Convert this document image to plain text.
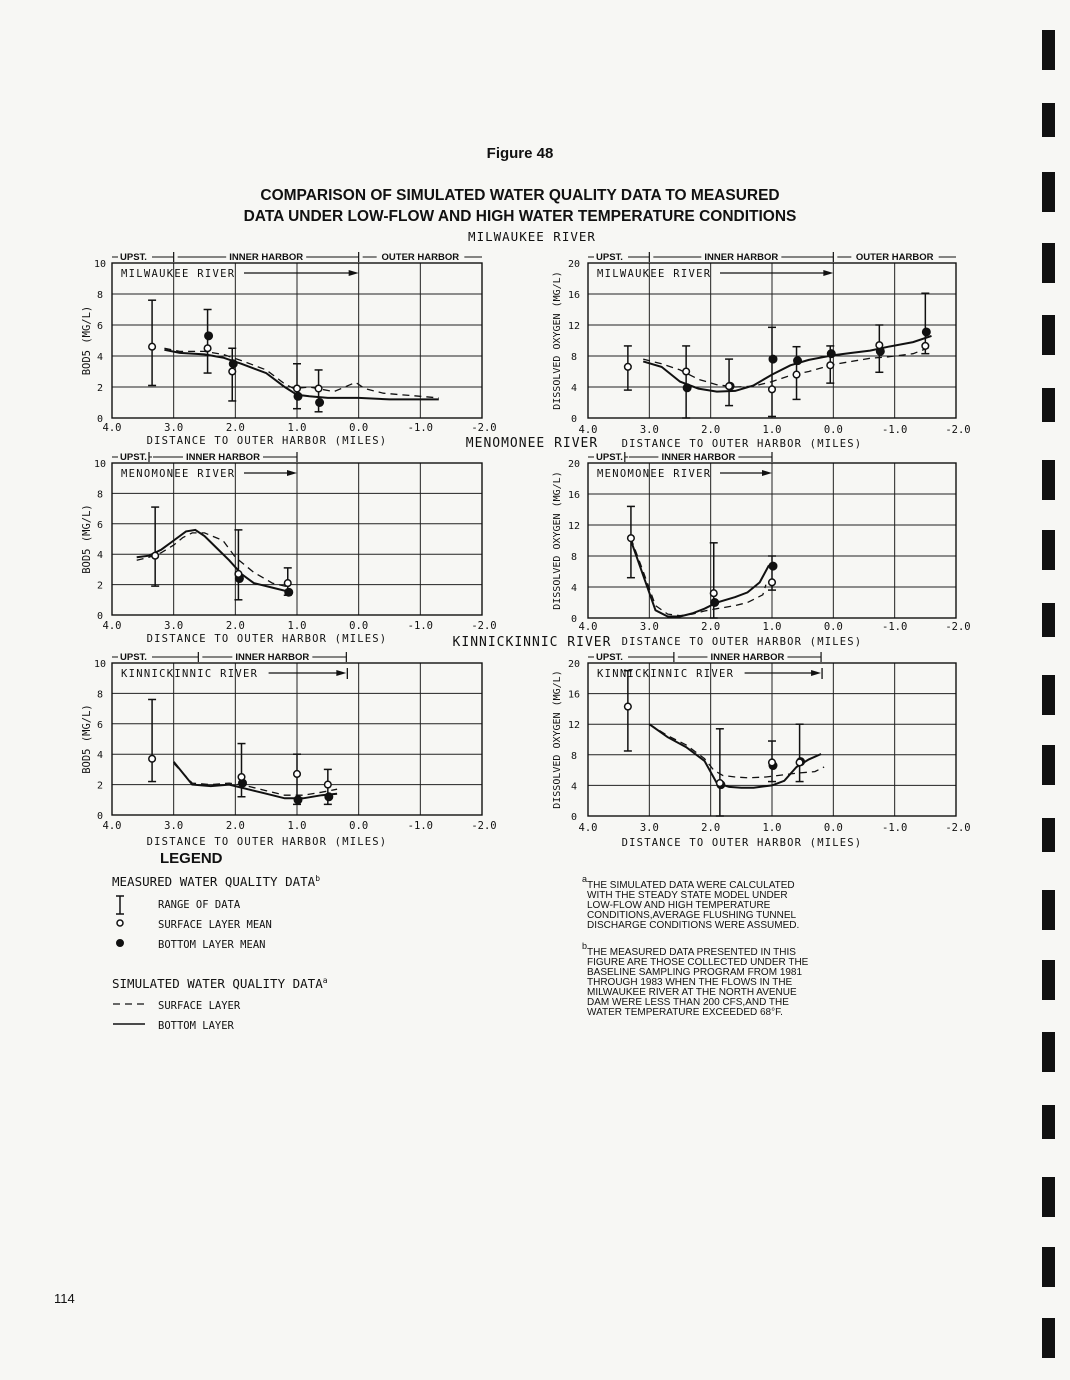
Figure 48
COMPARISON OF SIMULATED WATER QUALITY DATA TO MEASURED
DATA UNDER LOW-FLOW AND HIGH WATER TEMPERATURE CONDITIONS
MILWAUKEE RIVER
MENOMONEE RIVER
KINNICKINNIC RIVER
0
2
4
6
8
10
4.0	3.0	2.0	1.0	0.0	-1.0	-2.0
DISTANCE TO OUTER HARBOR (MILES)
BOD5 (MG/L)
MILWAUKEE RIVER
UPST.	INNER HARBOR	OUTER HARBOR
0
4
8
12
16
20
4.0	3.0	2.0	1.0	0.0	-1.0	-2.0
DISTANCE TO OUTER HARBOR (MILES)
DISSOLVED OXYGEN (MG/L)	MILWAUKEE RIVER
UPST.	INNER HARBOR	OUTER HARBOR
0
2
4
6
8
10
4.0	3.0	2.0	1.0	0.0	-1.0	-2.0
DISTANCE TO OUTER HARBOR (MILES)
BOD5 (MG/L)
MENOMONEE RIVER
UPST.	INNER HARBOR
0
4
8
12
16
20
4.0	3.0	2.0	1.0	0.0	-1.0	-2.0
DISTANCE TO OUTER HARBOR (MILES)
DISSOLVED OXYGEN (MG/L)	MENOMONEE RIVER
UPST.	INNER HARBOR
0
2
4
6
8
10
4.0	3.0	2.0	1.0	0.0	-1.0	-2.0
DISTANCE TO OUTER HARBOR (MILES)
BOD5 (MG/L)
KINNICKINNIC RIVER
UPST.	INNER HARBOR
0
4
8
12
16
20
4.0	3.0	2.0	1.0	0.0	-1.0	-2.0
DISTANCE TO OUTER HARBOR (MILES)
DISSOLVED OXYGEN (MG/L)	KINNICKINNIC RIVER
UPST.	INNER HARBOR
LEGEND
MEASURED WATER QUALITY DATA$^b$
RANGE OF DATA
SURFACE LAYER MEAN
BOTTOM LAYER MEAN
SIMULATED WATER QUALITY DATA$^a$
SURFACE LAYER
BOTTOM LAYER
a
THE SIMULATED DATA WERE CALCULATED WITH THE STEADY STATE MODEL UNDER LOW-FLOW AND HIGH TEMPERATURE CONDITIONS,AVERAGE FLUSHING TUNNEL DISCHARGE CONDITIONS WERE ASSUMED.
b
THE MEASURED DATA PRESENTED IN THIS FIGURE ARE THOSE COLLECTED UNDER THE BASELINE SAMPLING PROGRAM FROM 1981 THROUGH 1983 WHEN THE FLOWS IN THE MILWAUKEE RIVER AT THE NORTH AVENUE DAM WERE LESS THAN 200 CFS,AND THE WATER TEMPERATURE EXCEEDED 68°F.
114
